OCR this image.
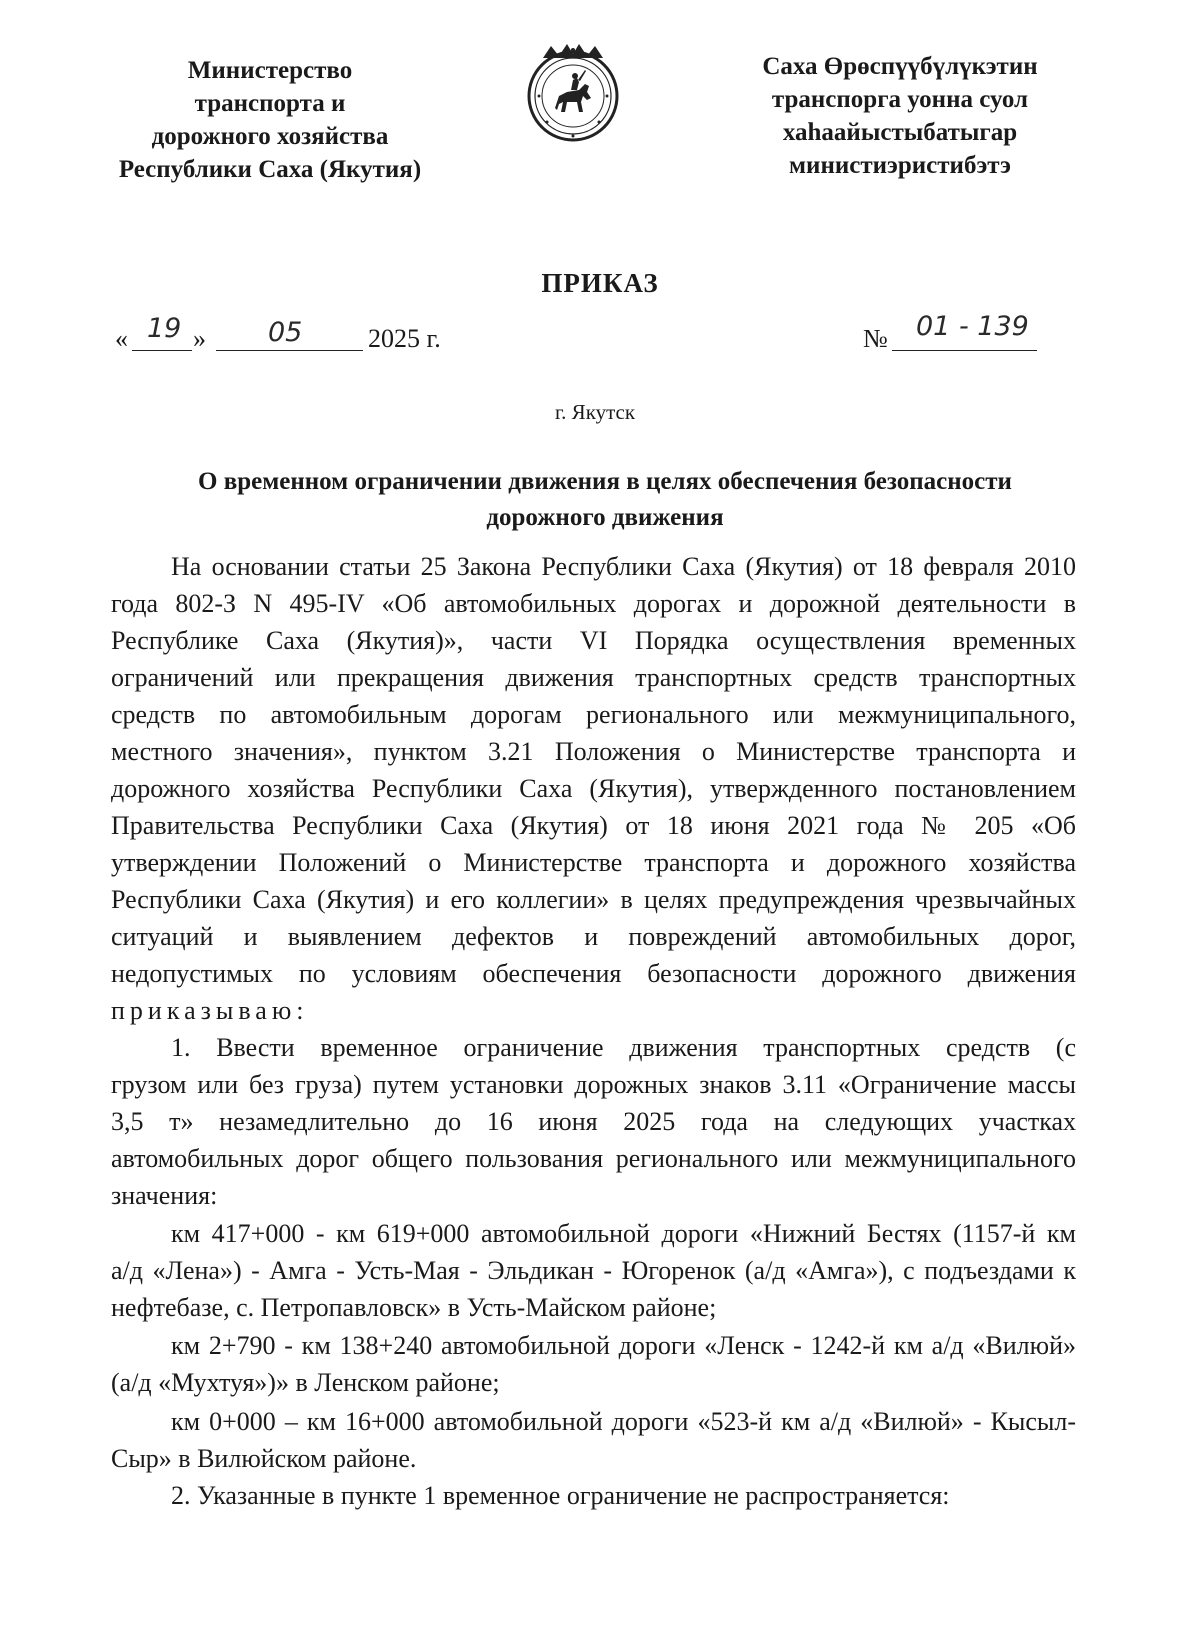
Министерство
транспорта и
дорожного хозяйства
Республики Саха (Якутия)
Саха Өрөспүүбүлүкэтин
транспорга уонна суол
хаһаайыстыбатыгар
министиэристибэтэ
ПРИКАЗ
« 19 » 05	2025 г.	№ 01 - 139
г. Якутск
О временном ограничении движения в целях обеспечения безопасности
дорожного движения
На основании статьи 25 Закона Республики Саха (Якутия) от 18 февраля 2010
года 802-З N 495-IV «Об автомобильных дорогах и дорожной деятельности в
Республике Саха (Якутия)», части VI Порядка осуществления временных
ограничений или прекращения движения транспортных средств транспортных
средств по автомобильным дорогам регионального или межмуниципального,
местного значения», пунктом 3.21 Положения о Министерстве транспорта и
дорожного хозяйства Республики Саха (Якутия), утвержденного постановлением
Правительства Республики Саха (Якутия) от 18 июня 2021 года № 205 «Об
утверждении Положений о Министерстве транспорта и дорожного хозяйства
Республики Саха (Якутия) и его коллегии» в целях предупреждения чрезвычайных
ситуаций и выявлением дефектов и повреждений автомобильных дорог,
недопустимых по условиям обеспечения безопасности дорожного движения
приказываю:
1. Ввести временное ограничение движения транспортных средств (с
грузом или без груза) путем установки дорожных знаков 3.11 «Ограничение массы
3,5 т» незамедлительно до 16 июня 2025 года на следующих участках
автомобильных дорог общего пользования регионального или межмуниципального
значения:
км 417+000 - км 619+000 автомобильной дороги «Нижний Бестях (1157-й км
а/д «Лена») - Амга - Усть-Мая - Эльдикан - Югоренок (а/д «Амга»), с подъездами к
нефтебазе, с. Петропавловск» в Усть-Майском районе;
км 2+790 - км 138+240 автомобильной дороги «Ленск - 1242-й км а/д «Вилюй»
(а/д «Мухтуя»)» в Ленском районе;
км 0+000 – км 16+000 автомобильной дороги «523-й км а/д «Вилюй» - Кысыл-
Сыр» в Вилюйском районе.
2. Указанные в пункте 1 временное ограничение не распространяется:
